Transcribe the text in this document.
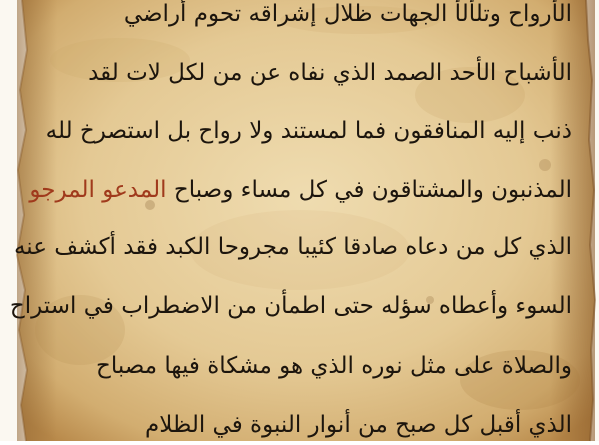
الأرواح وتلألأ الجهات ظلال إشراقه تحوم أراضي
الأشباح الأحد الصمد الذي نفاه عن من لكل لات لقد
ذنب إليه المنافقون فما لمستند ولا رواح بل استصرخ لله
المذنبون والمشتاقون في كل مساء وصباح المدعو المرجو
الذي كل من دعاه صادقا كئيبا مجروحا الكبد فقد أكشف عنه
السوء وأعطاه سؤله حتى اطمأن من الاضطراب في استراح
والصلاة على مثل نوره الذي هو مشكاة فيها مصباح
الذي أقبل كل صبح من أنوار النبوة في الظلام
